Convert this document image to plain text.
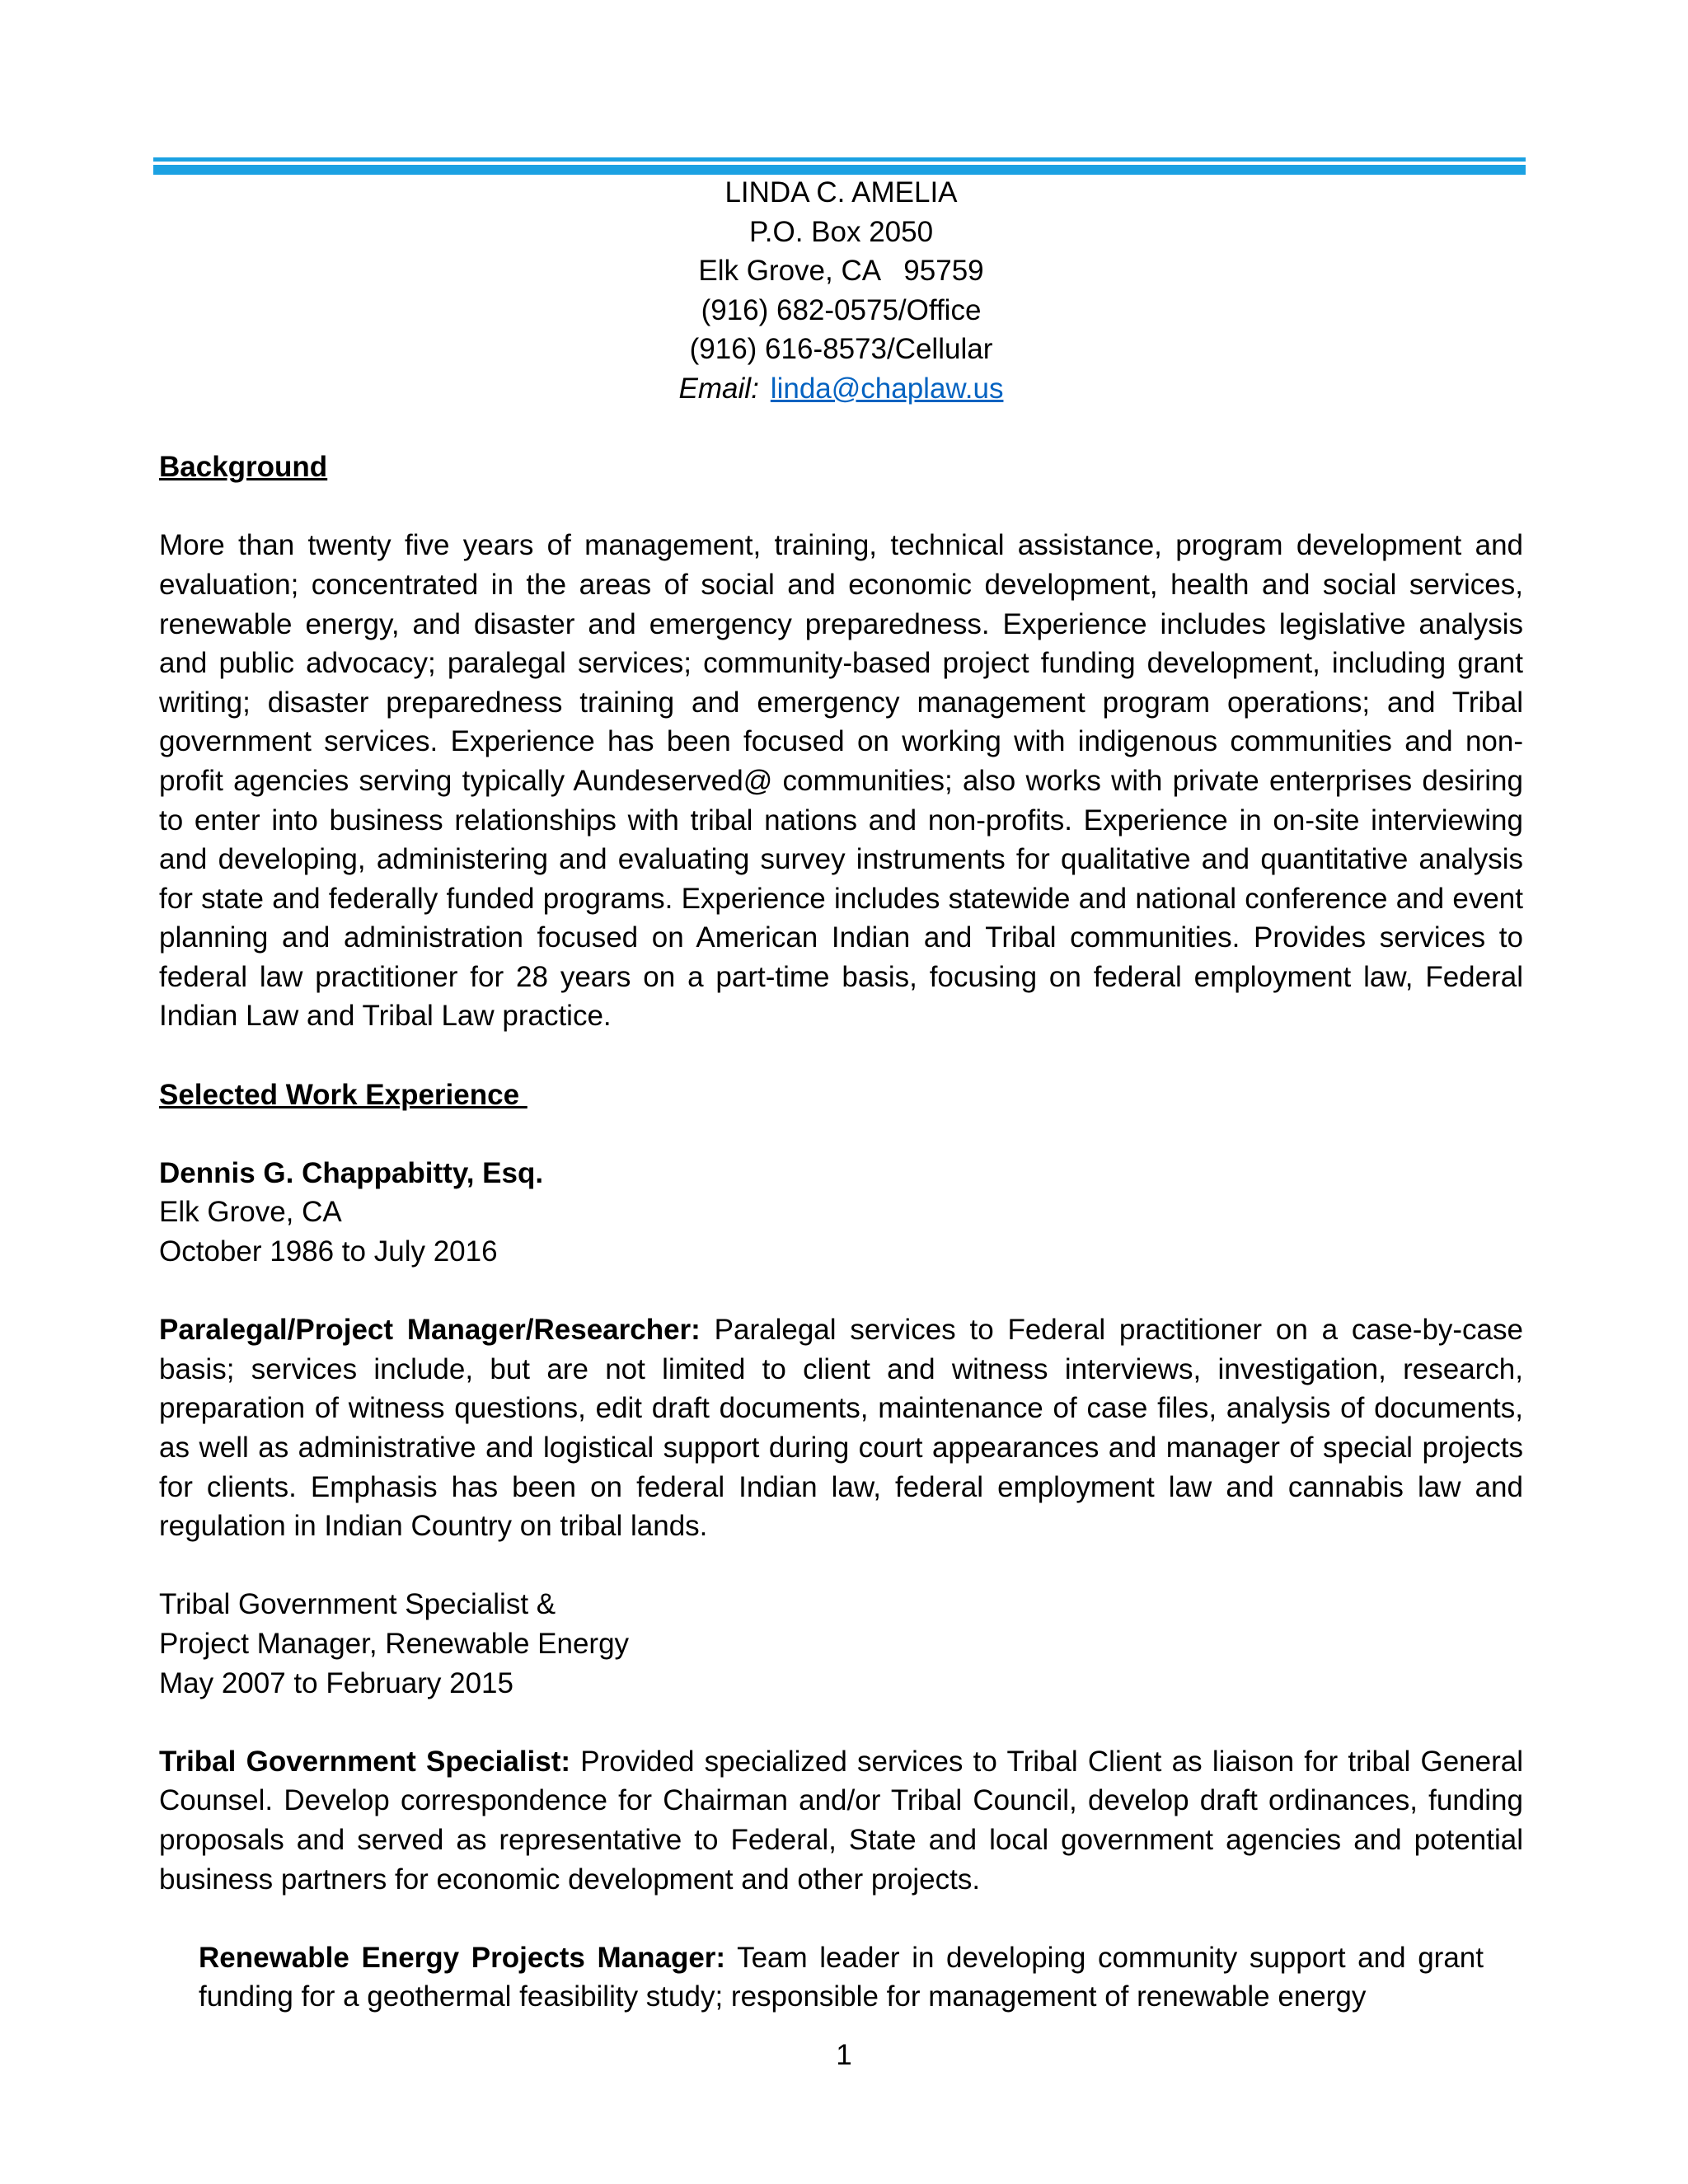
LINDA C. AMELIA
P.O. Box 2050
Elk Grove, CA   95759
(916) 682-0575/Office
(916) 616-8573/Cellular
Email: linda@chaplaw.us
Background
More than twenty five years of management, training, technical assistance, program development and evaluation; concentrated in the areas of social and economic development, health and social services, renewable energy, and disaster and emergency preparedness. Experience includes legislative analysis and public advocacy; paralegal services; community-based project funding development, including grant writing; disaster preparedness training and emergency management program operations; and Tribal government services. Experience has been focused on working with indigenous communities and non-profit agencies serving typically Aundeserved@ communities; also works with private enterprises desiring to enter into business relationships with tribal nations and non-profits. Experience in on-site interviewing and developing, administering and evaluating survey instruments for qualitative and quantitative analysis for state and federally funded programs. Experience includes statewide and national conference and event planning and administration focused on American Indian and Tribal communities. Provides services to federal law practitioner for 28 years on a part-time basis, focusing on federal employment law, Federal Indian Law and Tribal Law practice.
Selected Work Experience
Dennis G. Chappabitty, Esq.
Elk Grove, CA
October 1986 to July 2016
Paralegal/Project Manager/Researcher: Paralegal services to Federal practitioner on a case-by-case basis; services include, but are not limited to client and witness interviews, investigation, research, preparation of witness questions, edit draft documents, maintenance of case files, analysis of documents, as well as administrative and logistical support during court appearances and manager of special projects for clients. Emphasis has been on federal Indian law, federal employment law and cannabis law and regulation in Indian Country on tribal lands.
Tribal Government Specialist &
Project Manager, Renewable Energy
May 2007 to February 2015
Tribal Government Specialist: Provided specialized services to Tribal Client as liaison for tribal General Counsel. Develop correspondence for Chairman and/or Tribal Council, develop draft ordinances, funding proposals and served as representative to Federal, State and local government agencies and potential business partners for economic development and other projects.
Renewable Energy Projects Manager: Team leader in developing community support and grant funding for a geothermal feasibility study; responsible for management of renewable energy
1
